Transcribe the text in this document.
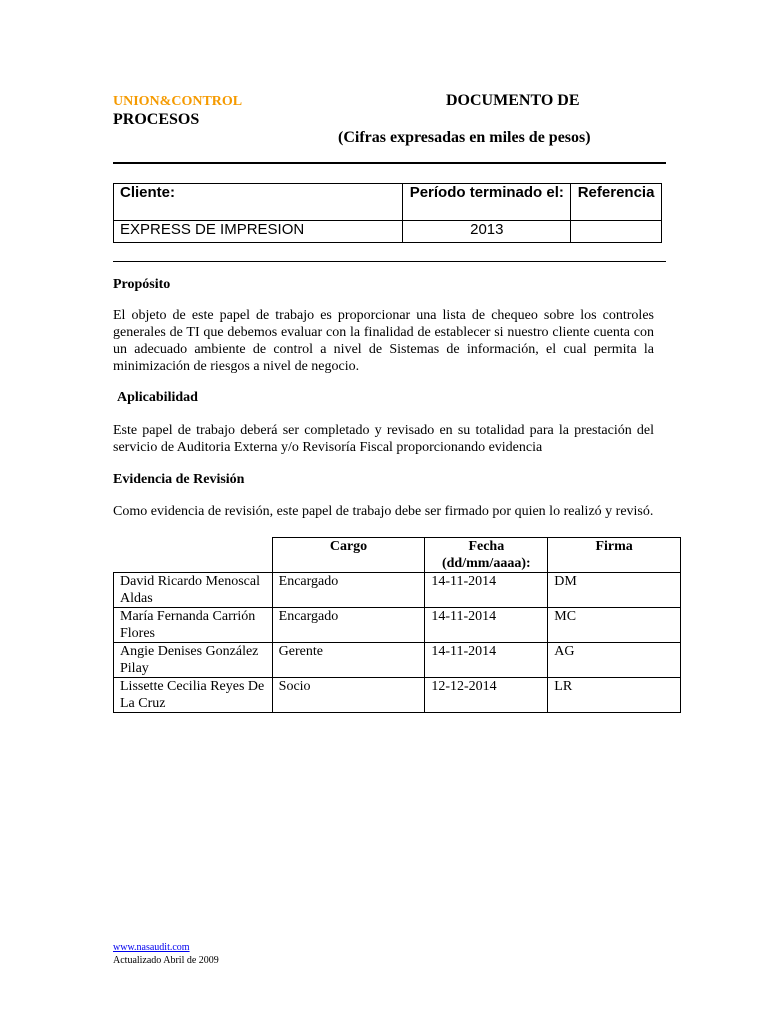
UNION&CONTROL	DOCUMENTO DE
PROCESOS
(Cifras expresadas en miles de pesos)
Cliente:	Período terminado el:	Referencia
EXPRESS DE IMPRESION	2013	
Propósito
El objeto de este papel de trabajo es proporcionar una lista de chequeo sobre los controles generales de TI que debemos evaluar con la finalidad de establecer si nuestro cliente cuenta con un adecuado ambiente de control a nivel de Sistemas de información, el cual permita la minimización de riesgos a nivel de negocio.
Aplicabilidad
Este papel de trabajo deberá ser completado y revisado en su totalidad para la prestación del servicio de Auditoria Externa y/o Revisoría Fiscal proporcionando evidencia
Evidencia de Revisión
Como evidencia de revisión, este papel de trabajo debe ser firmado por quien lo realizó y revisó.
	Cargo	Fecha (dd/mm/aaaa):	Firma
David Ricardo Menoscal Aldas	Encargado	14-11-2014	DM
María Fernanda Carrión Flores	Encargado	14-11-2014	MC
Angie Denises González Pilay	Gerente	14-11-2014	AG
Lissette Cecilia Reyes De La Cruz	Socio	12-12-2014	LR
www.nasaudit.com
Actualizado Abril de 2009
